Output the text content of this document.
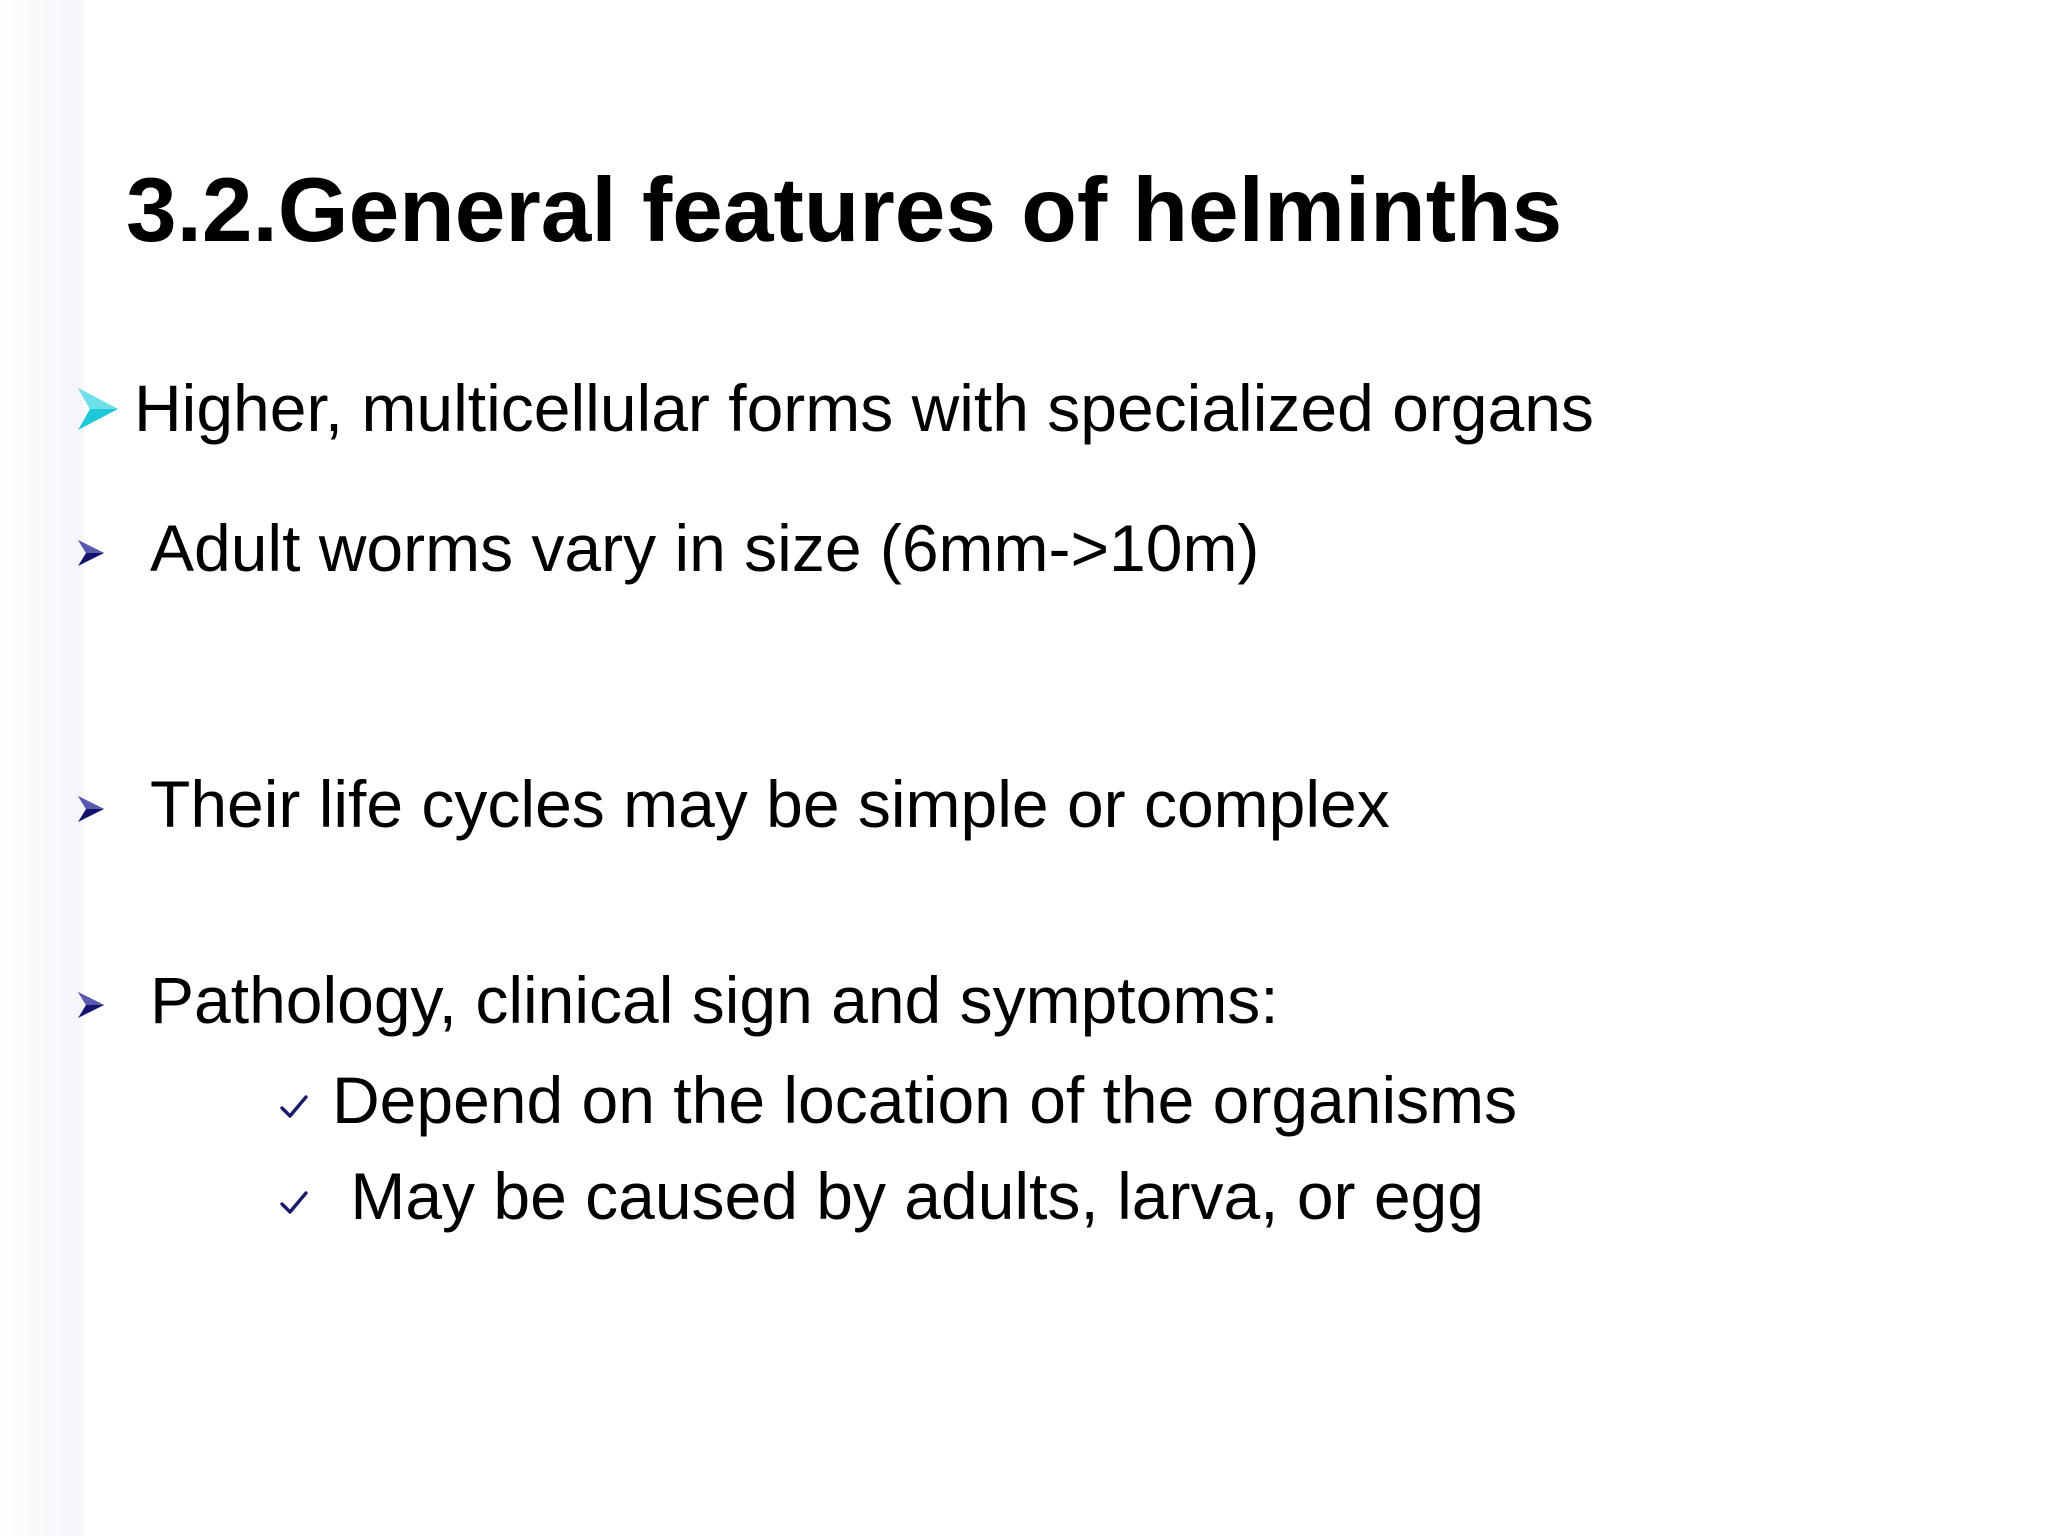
3.2.General features of helminths
Higher, multicellular forms with specialized organs
Adult worms vary in size (6mm->10m)
Their life cycles may be simple or complex
Pathology, clinical sign and symptoms:
Depend on the location of the organisms
May be caused by adults, larva, or egg
